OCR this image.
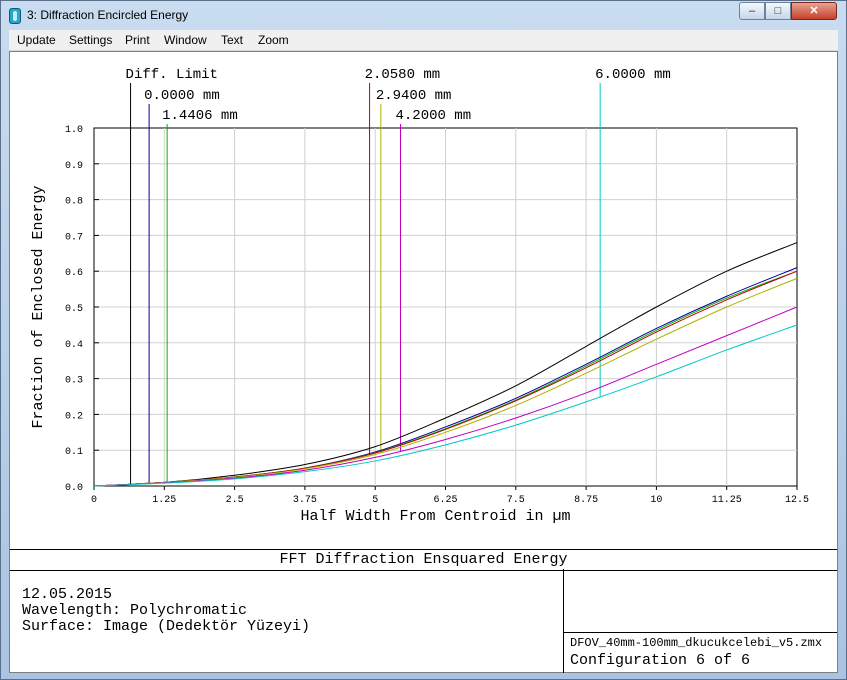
3: Diffraction Encircled Energy	–	□	✕
Update Settings Print Window Text Zoom
Diff. Limit
0.0000 mm
1.4406 mm
2.0580 mm
2.9400 mm
4.2000 mm
6.0000 mm
0	1.25	2.5	3.75	5	6.25	7.5	8.75	10	11.25	12.5
0.0
0.1
0.2
0.3
0.4
0.5
0.6
0.7
0.8
0.9
1.0
Half Width From Centroid in µm
Fraction of Enclosed Energy
FFT Diffraction Ensquared Energy
12.05.2015
Wavelength: Polychromatic
Surface: Image (Dedektör Yüzeyi)
DFOV_40mm-100mm_dkucukcelebi_v5.zmx
Configuration 6 of 6
